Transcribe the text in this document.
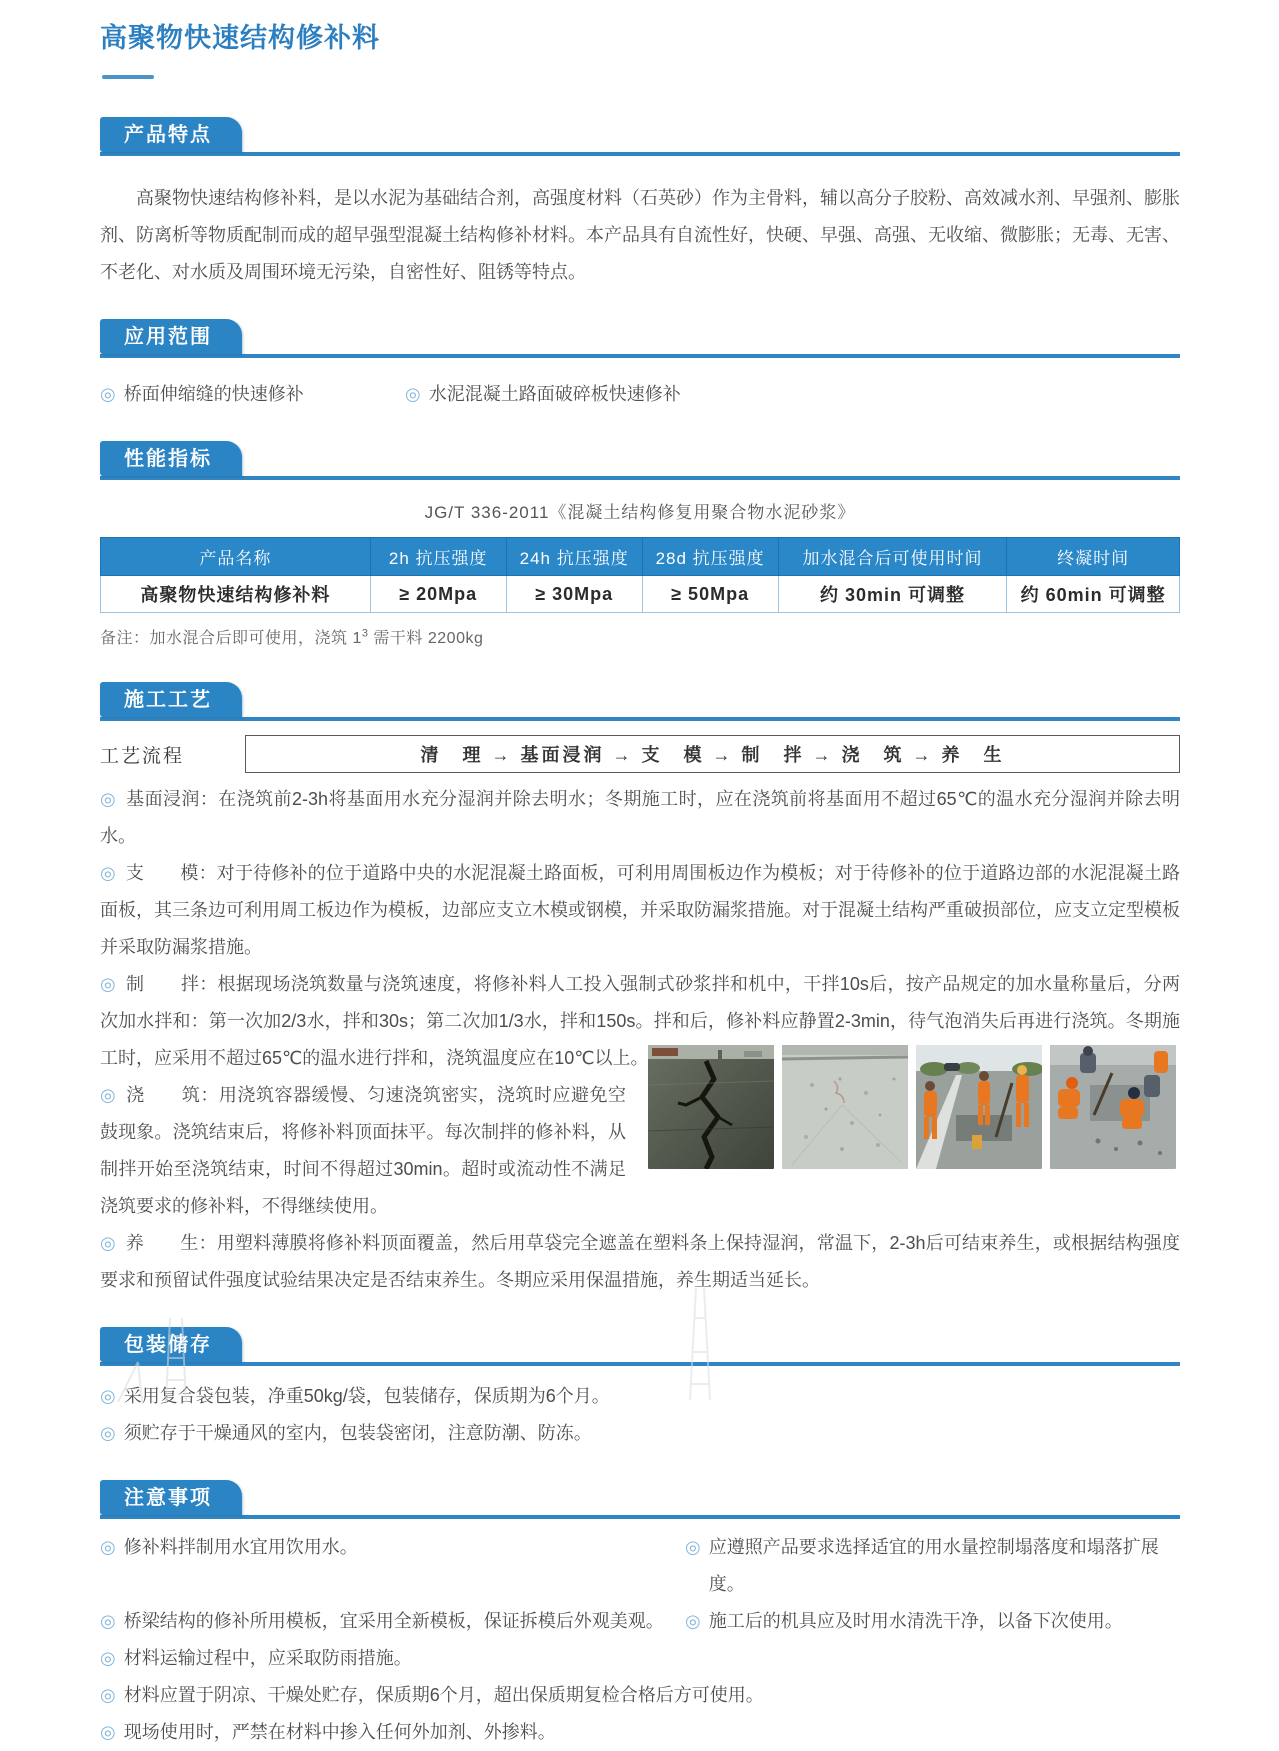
高聚物快速结构修补料
产品特点

高聚物快速结构修补料，是以水泥为基础结合剂，高强度材料（石英砂）作为主骨料，辅以高分子胶粉、高效减水剂、早强剂、膨胀剂、防离析等物质配制而成的超早强型混凝土结构修补材料。本产品具有自流性好，快硬、早强、高强、无收缩、微膨胀；无毒、无害、不老化、对水质及周围环境无污染，自密性好、阻锈等特点。

应用范围
◎
桥面伸缩缝的快速修补 ◎	水泥混凝土路面破碎板快速修补
性能指标
JG/T 336-2011《混凝土结构修复用聚合物水泥砂浆》
产品名称	2h 抗压强度	24h 抗压强度	28d 抗压强度	加水混合后可使用时间	终凝时间
高聚物快速结构修补料	≥ 20Mpa	≥ 30Mpa	≥ 50Mpa	约 30min 可调整	约 60min 可调整
备注：加水混合后即可使用，浇筑 $1^3$ 需干料 2200kg
施工工艺
工艺流程	清　理 → 基面浸润 → 支　模 → 制　拌 → 浇　筑 → 养　生

◎ 基面浸润：在浇筑前2-3h将基面用水充分湿润并除去明水；冬期施工时，应在浇筑前将基面用不超过65℃的温水充分湿润并除去明水。

◎ 支　　模：对于待修补的位于道路中央的水泥混凝土路面板，可利用周围板边作为模板；对于待修补的位于道路边部的水泥混凝土路面板，其三条边可利用周工板边作为模板，边部应支立木模或钢模，并采取防漏浆措施。对于混凝土结构严重破损部位，应支立定型模板并采取防漏浆措施。

◎ 制　　拌：根据现场浇筑数量与浇筑速度，将修补料人工投入强制式砂浆拌和机中，干拌10s后，按产品规定的加水量称量后，分两次加水拌和：第一次加2/3水，拌和30s；第二次加1/3水，拌和150s。拌和后，修补料应静置2-3min，待气泡消失后再进行浇筑。冬期施工时，应采用不超过65℃的温水进行拌和，浇筑温度应在10℃以上。

◎ 浇　　筑：用浇筑容器缓慢、匀速浇筑密实，浇筑时应避免空鼓现象。浇筑结束后，将修补料顶面抹平。每次制拌的修补料，从制拌开始至浇筑结束，时间不得超过30min。超时或流动性不满足浇筑要求的修补料，不得继续使用。

◎ 养　　生：用塑料薄膜将修补料顶面覆盖，然后用草袋完全遮盖在塑料条上保持湿润，常温下，2-3h后可结束养生，或根据结构强度要求和预留试件强度试验结果决定是否结束养生。冬期应采用保温措施，养生期适当延长。

包装储存
◎
采用复合袋包装，净重50kg/袋，包装储存，保质期为6个月。
◎
须贮存于干燥通风的室内，包装袋密闭，注意防潮、防冻。
注意事项
◎
修补料拌制用水宜用饮用水。 ◎	应遵照产品要求选择适宜的用水量控制塌落度和塌落扩展度。
◎
桥梁结构的修补所用模板，宜采用全新模板，保证拆模后外观美观。 ◎	施工后的机具应及时用水清洗干净，以备下次使用。
◎
材料运输过程中，应采取防雨措施。
◎
材料应置于阴凉、干燥处贮存，保质期6个月，超出保质期复检合格后方可使用。
◎
现场使用时，严禁在材料中掺入任何外加剂、外掺料。
